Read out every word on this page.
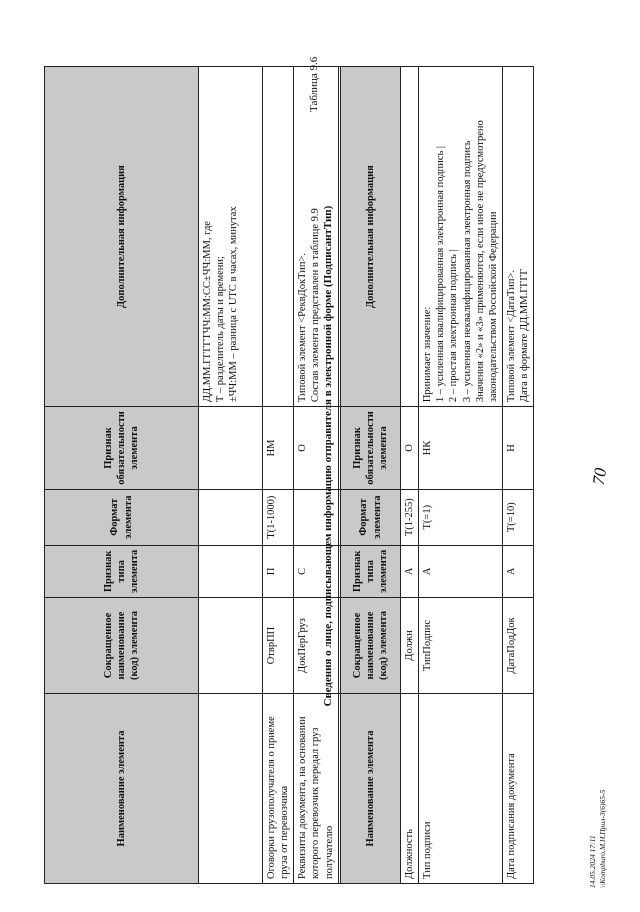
70
Наименование элемента	Сокращенное наименование (код) элемента	Признак типа элемента	Формат элемента	Признак обязательности элемента	Дополнительная информация
					ДД.ММ.ГГГГТЧЧ:ММ:СС±ЧЧ:ММ, где
Т – разделитель даты и времени;
±ЧЧ:ММ – разница с UTC в часах, минутах
Оговорки грузополучателя о приеме груза от перевозчика	ОтврПП	П	Т(1-1000)	НМ	
Реквизиты документа, на основании которого перевозчик передал груз получателю	ДокПерГруз	С		О	Типовой элемент <РеквДокТип>.
Состав элемента представлен в таблице 9.9

Таблица 9.6
Сведения о лице, подписывающем информацию отправителя в электронной форме (ПодписантТип)
Наименование элемента	Сокращенное наименование (код) элемента	Признак типа элемента	Формат элемента	Признак обязательности элемента	Дополнительная информация
Должность	Должн	А	Т(1-255)	О	
Тип подписи	ТипПодпис	А	Т(=1)	НК	Принимает значение:
1 – усиленная квалифицированная электронная подпись |
2 – простая электронная подпись |
3 – усиленная неквалифицированная электронная подпись
Значения «2» и «3» применяются, если иное не предусмотрено законодательством Российской Федерации
Дата подписания документа	ДатаПодДок	А	Т(=10)	Н	Типовой элемент <ДатаТип>.
Дата в формате ДД.ММ.ГГГГ
14.05.2024 17:11 \\Kompburo.M.H.Прил-3(6)65-5
